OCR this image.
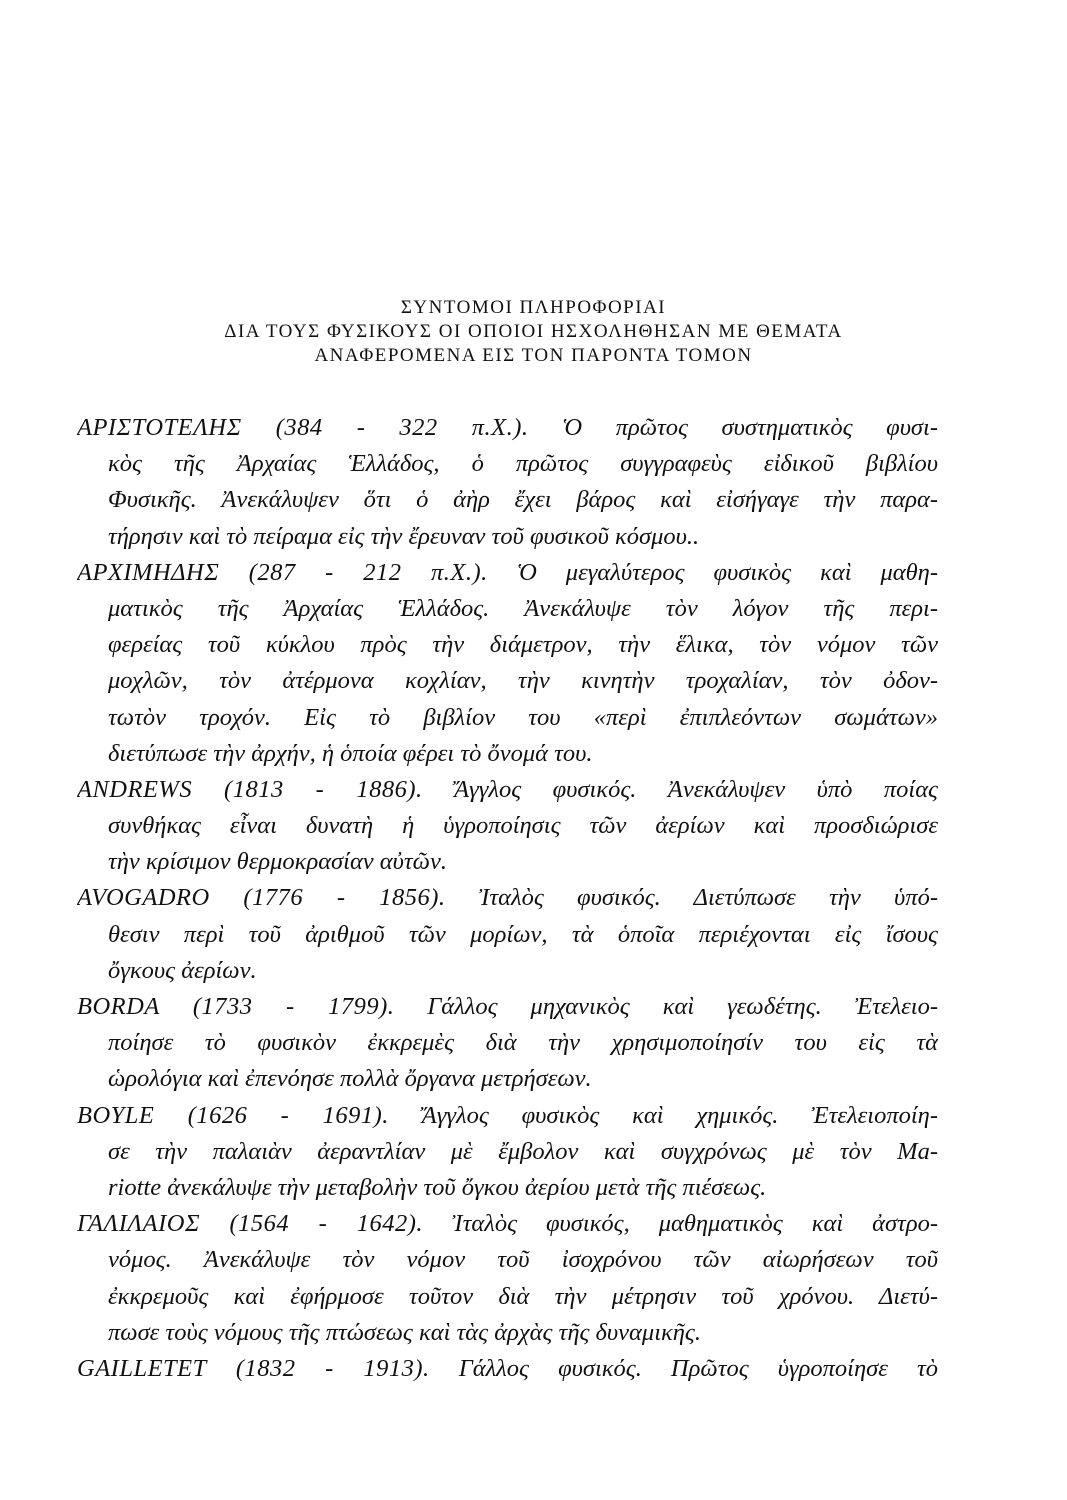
ΣΥΝΤΟΜΟΙ ΠΛΗΡΟΦΟΡΙΑΙ
ΔΙΑ ΤΟΥΣ ΦΥΣΙΚΟΥΣ ΟΙ ΟΠΟΙΟΙ ΗΣΧΟΛΗΘΗΣΑΝ ΜΕ ΘΕΜΑΤΑ
ΑΝΑΦΕΡΟΜΕΝΑ ΕΙΣ ΤΟΝ ΠΑΡΟΝΤΑ ΤΟΜΟΝ
ΑΡΙΣΤΟΤΕΛΗΣ (384 - 322 π.Χ.). Ὁ πρῶτος συστηματικὸς φυσι-
κὸς τῆς Ἀρχαίας Ἑλλάδος, ὁ πρῶτος συγγραφεὺς εἰδικοῦ βιβλίου
Φυσικῆς. Ἀνεκάλυψεν ὅτι ὁ ἀὴρ ἔχει βάρος καὶ εἰσήγαγε τὴν παρα-
τήρησιν καὶ τὸ πείραμα εἰς τὴν ἔρευναν τοῦ φυσικοῦ κόσμου..
ΑΡΧΙΜΗΔΗΣ (287 - 212 π.Χ.). Ὁ μεγαλύτερος φυσικὸς καὶ μαθη-
ματικὸς τῆς Ἀρχαίας Ἑλλάδος. Ἀνεκάλυψε τὸν λόγον τῆς περι-
φερείας τοῦ κύκλου πρὸς τὴν διάμετρον, τὴν ἕλικα, τὸν νόμον τῶν
μοχλῶν, τὸν ἀτέρμονα κοχλίαν, τὴν κινητὴν τροχαλίαν, τὸν ὀδον-
τωτὸν τροχόν. Εἰς τὸ βιβλίον του «περὶ ἐπιπλεόντων σωμάτων»
διετύπωσε τὴν ἀρχήν, ἡ ὁποία φέρει τὸ ὄνομά του.
ANDREWS (1813 - 1886). Ἄγγλος φυσικός. Ἀνεκάλυψεν ὑπὸ ποίας
συνθήκας εἶναι δυνατὴ ἡ ὑγροποίησις τῶν ἀερίων καὶ προσδιώρισε
τὴν κρίσιμον θερμοκρασίαν αὐτῶν.
AVOGADRO (1776 - 1856). Ἰταλὸς φυσικός. Διετύπωσε τὴν ὑπό-
θεσιν περὶ τοῦ ἀριθμοῦ τῶν μορίων, τὰ ὁποῖα περιέχονται εἰς ἴσους
ὄγκους ἀερίων.
BORDA (1733 - 1799). Γάλλος μηχανικὸς καὶ γεωδέτης. Ἐτελειο-
ποίησε τὸ φυσικὸν ἐκκρεμὲς διὰ τὴν χρησιμοποίησίν του εἰς τὰ
ὡρολόγια καὶ ἐπενόησε πολλὰ ὄργανα μετρήσεων.
BOYLE (1626 - 1691). Ἄγγλος φυσικὸς καὶ χημικός. Ἐτελειοποίη-
σε τὴν παλαιὰν ἀεραντλίαν μὲ ἔμβολον καὶ συγχρόνως μὲ τὸν Ma-
riotte ἀνεκάλυψε τὴν μεταβολὴν τοῦ ὄγκου ἀερίου μετὰ τῆς πιέσεως.
ΓΑΛΙΛΑΙΟΣ (1564 - 1642). Ἰταλὸς φυσικός, μαθηματικὸς καὶ ἀστρο-
νόμος. Ἀνεκάλυψε τὸν νόμον τοῦ ἰσοχρόνου τῶν αἰωρήσεων τοῦ
ἐκκρεμοῦς καὶ ἐφήρμοσε τοῦτον διὰ τὴν μέτρησιν τοῦ χρόνου. Διετύ-
πωσε τοὺς νόμους τῆς πτώσεως καὶ τὰς ἀρχὰς τῆς δυναμικῆς.
GAILLETET (1832 - 1913). Γάλλος φυσικός. Πρῶτος ὑγροποίησε τὸ
